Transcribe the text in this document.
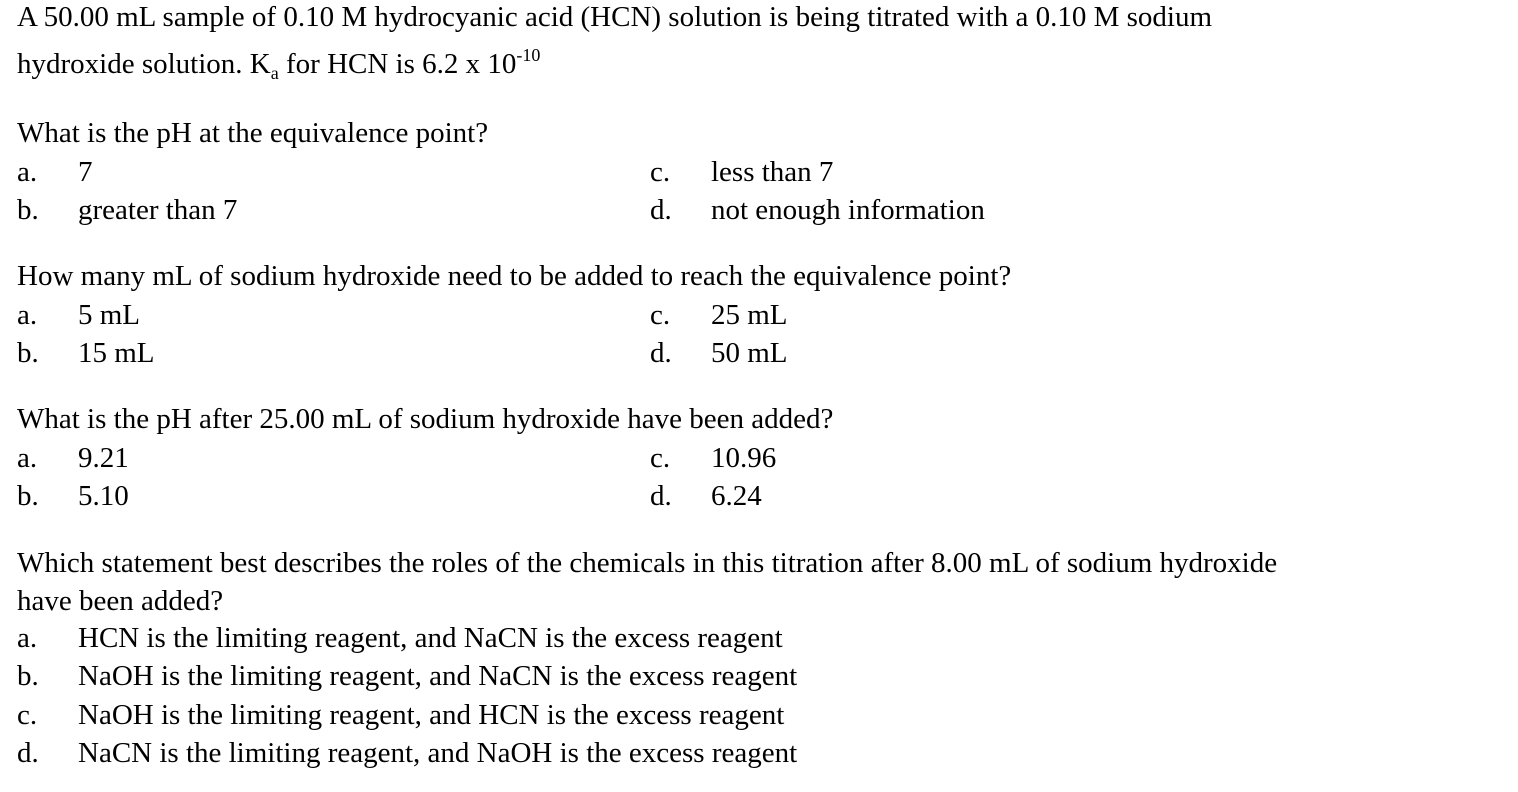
A 50.00 mL sample of 0.10 M hydrocyanic acid (HCN) solution is being titrated with a 0.10 M sodium
hydroxide solution. $K_a$ for HCN is 6.2 x $10^{-10}$
What is the pH at the equivalence point?
a. 7
b. greater than 7
c. less than 7
d. not enough information
How many mL of sodium hydroxide need to be added to reach the equivalence point?
a. 5 mL
b. 15 mL
c. 25 mL
d. 50 mL
What is the pH after 25.00 mL of sodium hydroxide have been added?
a. 9.21
b. 5.10
c. 10.96
d. 6.24
Which statement best describes the roles of the chemicals in this titration after 8.00 mL of sodium hydroxide
have been added?
a. HCN is the limiting reagent, and NaCN is the excess reagent
b. NaOH is the limiting reagent, and NaCN is the excess reagent
c. NaOH is the limiting reagent, and HCN is the excess reagent
d. NaCN is the limiting reagent, and NaOH is the excess reagent
